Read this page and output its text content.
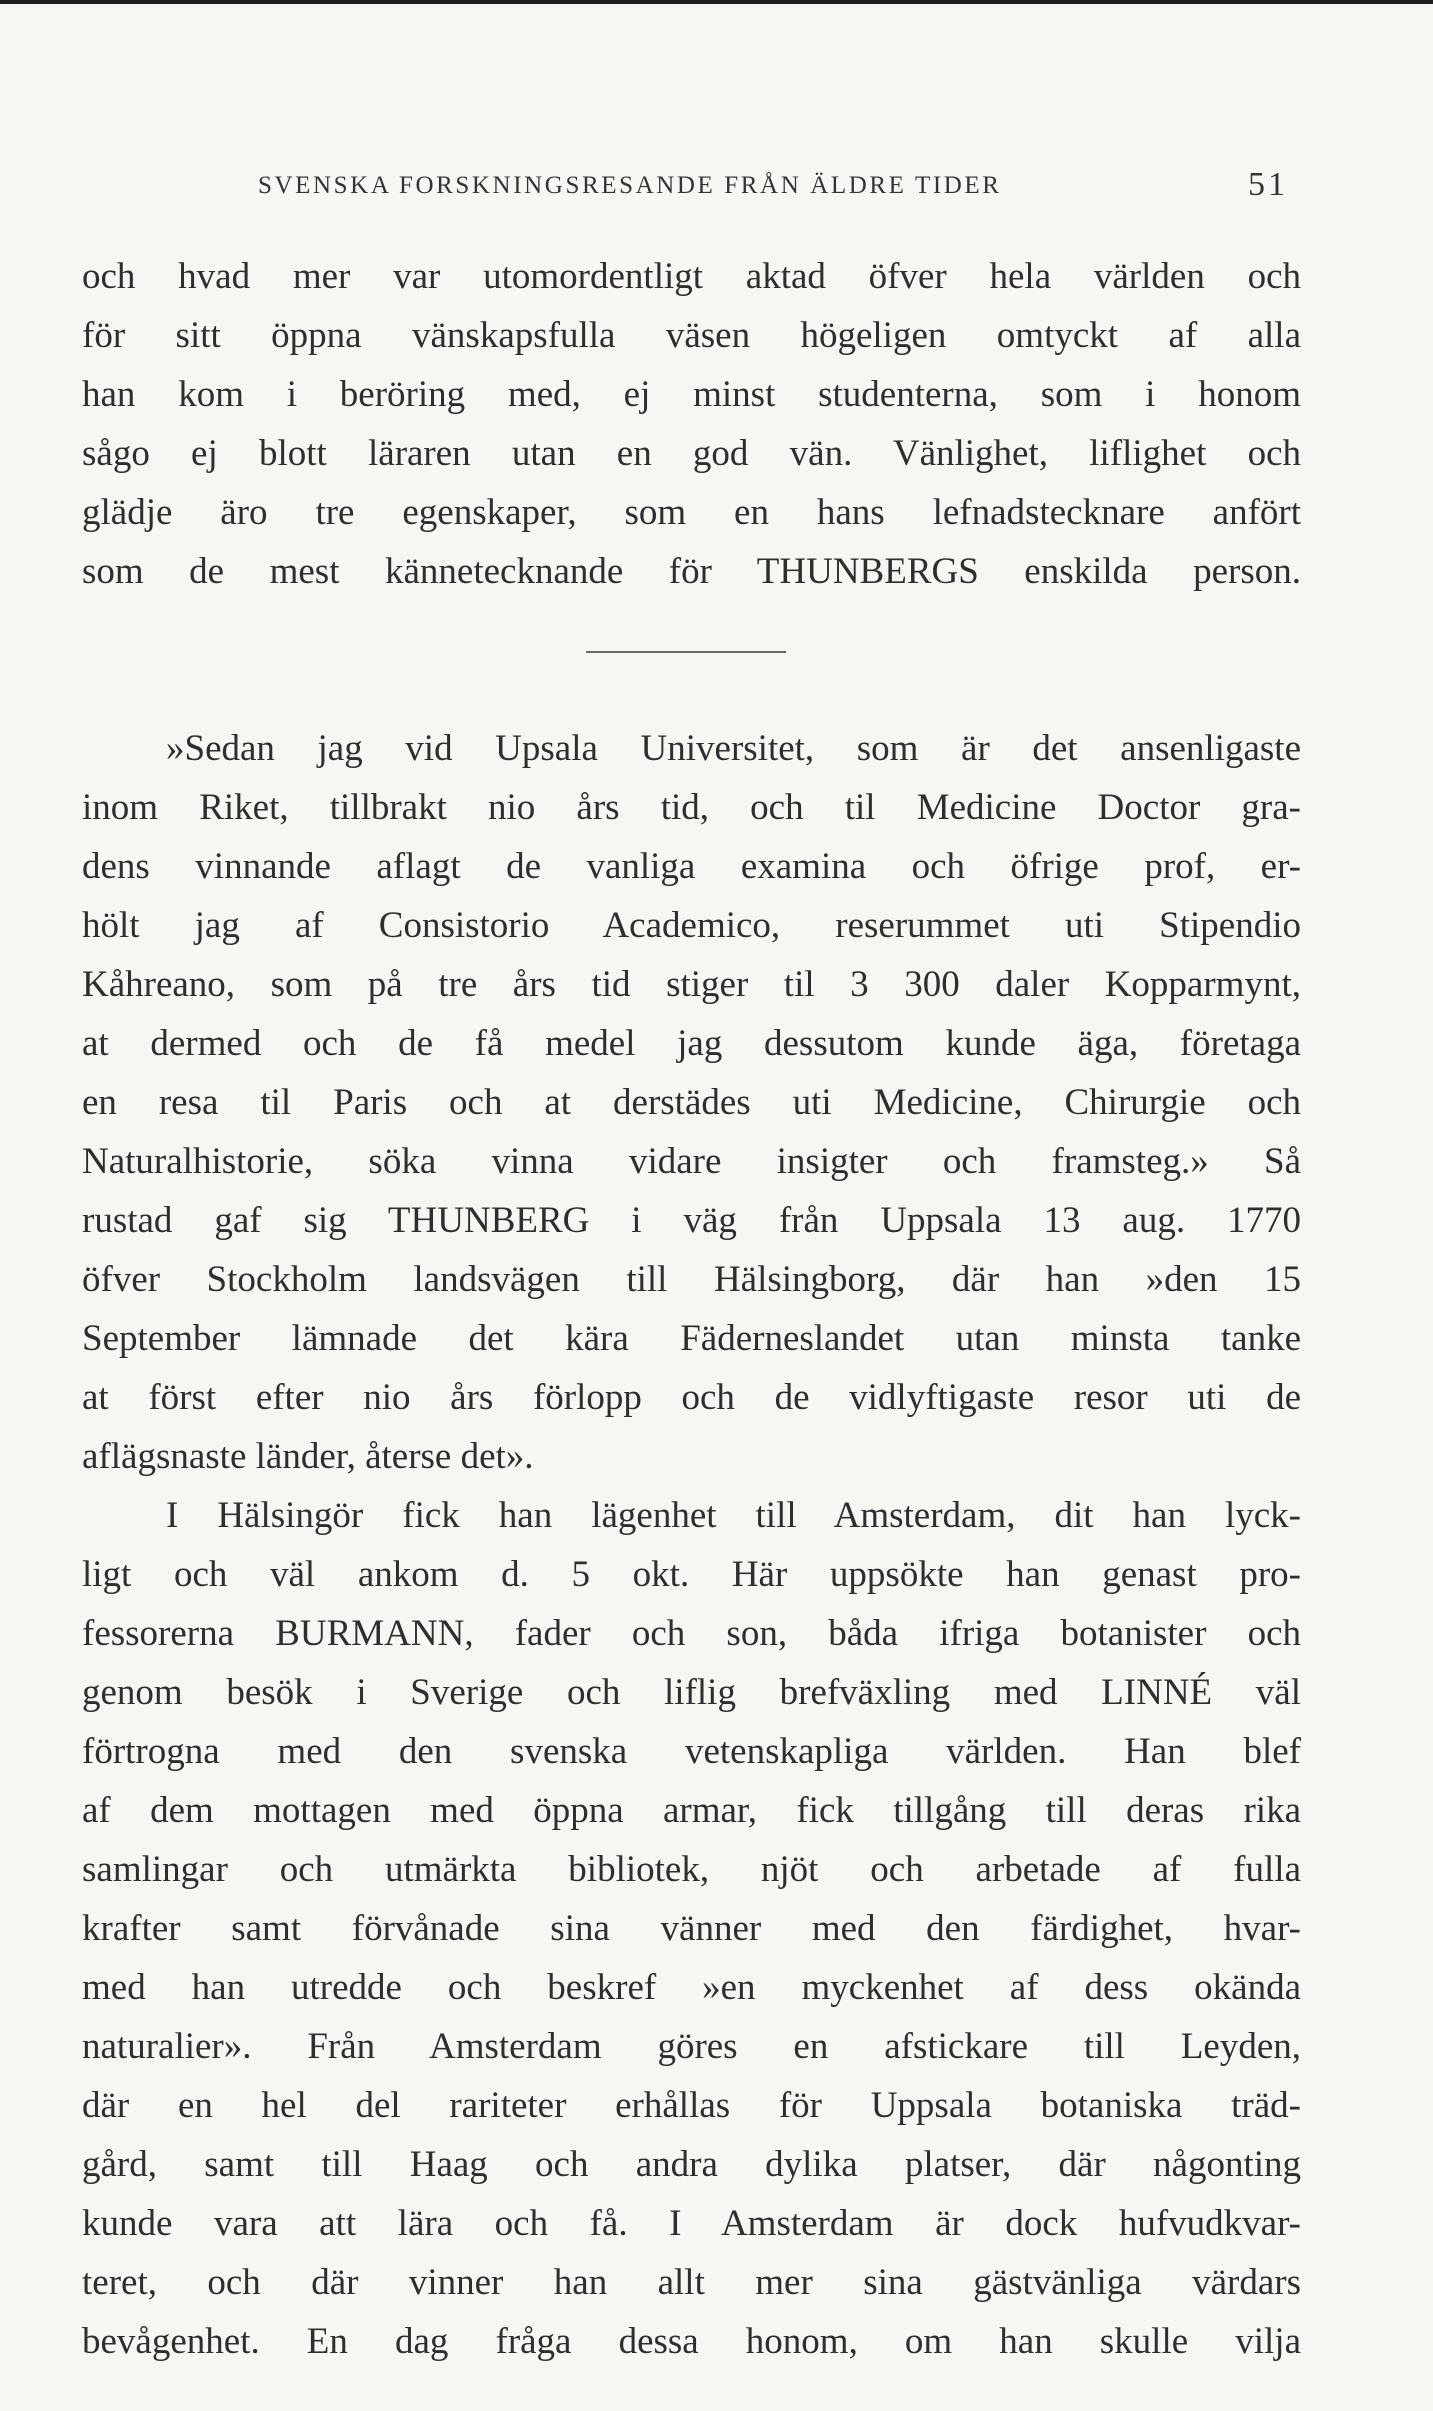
SVENSKA FORSKNINGSRESANDE FRÅN ÄLDRE TIDER	51
och hvad mer var utomordentligt aktad öfver hela världen och
för sitt öppna vänskapsfulla väsen högeligen omtyckt af alla
han kom i beröring med, ej minst studenterna, som i honom
sågo ej blott läraren utan en god vän. Vänlighet, liflighet och
glädje äro tre egenskaper, som en hans lefnadstecknare anfört
som de mest kännetecknande för THUNBERGS enskilda person.
»Sedan jag vid Upsala Universitet, som är det ansenligaste
inom Riket, tillbrakt nio års tid, och til Medicine Doctor gra-
dens vinnande aflagt de vanliga examina och öfrige prof, er-
hölt jag af Consistorio Academico, reserummet uti Stipendio
Kåhreano, som på tre års tid stiger til 3 300 daler Kopparmynt,
at dermed och de få medel jag dessutom kunde äga, företaga
en resa til Paris och at derstädes uti Medicine, Chirurgie och
Naturalhistorie, söka vinna vidare insigter och framsteg.» Så
rustad gaf sig THUNBERG i väg från Uppsala 13 aug. 1770
öfver Stockholm landsvägen till Hälsingborg, där han »den 15
September lämnade det kära Fäderneslandet utan minsta tanke
at först efter nio års förlopp och de vidlyftigaste resor uti de
aflägsnaste länder, återse det».
I Hälsingör fick han lägenhet till Amsterdam, dit han lyck-
ligt och väl ankom d. 5 okt. Här uppsökte han genast pro-
fessorerna BURMANN, fader och son, båda ifriga botanister och
genom besök i Sverige och liflig brefväxling med LINNÉ väl
förtrogna med den svenska vetenskapliga världen. Han blef
af dem mottagen med öppna armar, fick tillgång till deras rika
samlingar och utmärkta bibliotek, njöt och arbetade af fulla
krafter samt förvånade sina vänner med den färdighet, hvar-
med han utredde och beskref »en myckenhet af dess okända
naturalier». Från Amsterdam göres en afstickare till Leyden,
där en hel del rariteter erhållas för Uppsala botaniska träd-
gård, samt till Haag och andra dylika platser, där någonting
kunde vara att lära och få. I Amsterdam är dock hufvudkvar-
teret, och där vinner han allt mer sina gästvänliga värdars
bevågenhet. En dag fråga dessa honom, om han skulle vilja
